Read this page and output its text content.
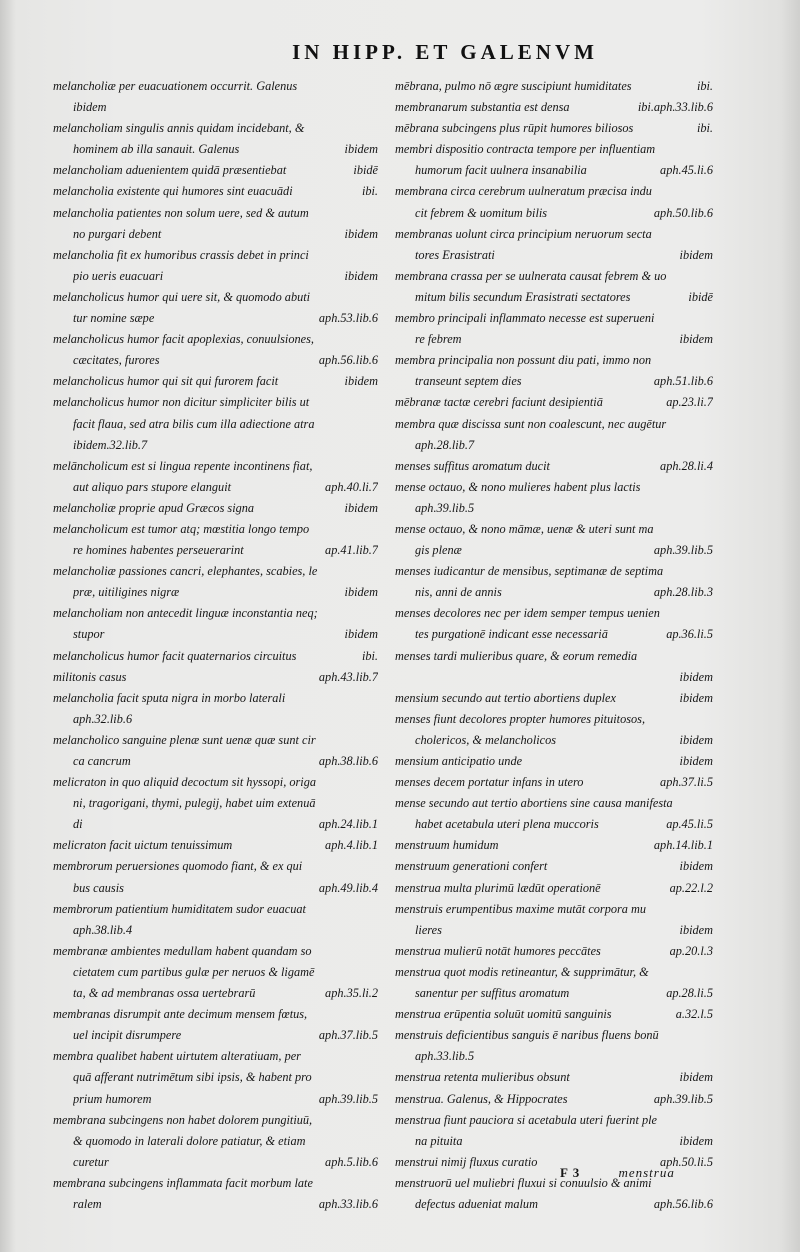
IN HIPP. ET GALENVM
melancholiæ per euacuationem occurrit. Galenus
ibidem
melancholiam singulis annis quidam incidebant, &
hominem ab illa sanauit. Galenus	ibidem
melancholiam aduenientem quidā præsentiebat	ibidē
melancholia existente qui humores sint euacuādi	ibi.
melancholia patientes non solum uere, sed & autum
no purgari debent	ibidem
melancholia fit ex humoribus crassis debet in princi
pio ueris euacuari	ibidem
melancholicus humor qui uere sit, & quomodo abuti
tur nomine sæpe	aph.53.lib.6
melancholicus humor facit apoplexias, conuulsiones,
cæcitates, furores	aph.56.lib.6
melancholicus humor qui sit qui furorem facit	ibidem
melancholicus humor non dicitur simpliciter bilis ut
facit flaua, sed atra bilis cum illa adiectione atra
ibidem.32.lib.7
melāncholicum est si lingua repente incontinens fiat,
aut aliquo pars stupore elanguit	aph.40.li.7
melancholiæ proprie apud Græcos signa	ibidem
melancholicum est tumor atq; mœstitia longo tempo
re homines habentes perseuerarint	ap.41.lib.7
melancholiæ passiones cancri, elephantes, scabies, le
præ, uitiligines nigræ	ibidem
melancholiam non antecedit linguæ inconstantia neq;
stupor	ibidem
melancholicus humor facit quaternarios circuitus	ibi.
militonis casus	aph.43.lib.7
melancholia facit sputa nigra in morbo laterali
aph.32.lib.6
melancholico sanguine plenæ sunt uenæ quæ sunt cir
ca cancrum	aph.38.lib.6
melicraton in quo aliquid decoctum sit hyssopi, origa
ni, tragorigani, thymi, pulegij, habet uim extenuā
di	aph.24.lib.1
melicraton facit uictum tenuissimum	aph.4.lib.1
membrorum peruersiones quomodo fiant, & ex qui
bus causis	aph.49.lib.4
membrorum patientium humiditatem sudor euacuat
aph.38.lib.4
membranæ ambientes medullam habent quandam so
cietatem cum partibus gulæ per neruos & ligamē
ta, & ad membranas ossa uertebrarū	aph.35.li.2
membranas disrumpit ante decimum mensem fœtus,
uel incipit disrumpere	aph.37.lib.5
membra qualibet habent uirtutem alteratiuam, per
quā afferant nutrimētum sibi ipsis, & habent pro
prium humorem	aph.39.lib.5
membrana subcingens non habet dolorem pungitiuū,
& quomodo in laterali dolore patiatur, & etiam
curetur	aph.5.lib.6
membrana subcingens inflammata facit morbum late
ralem	aph.33.lib.6
mēbrana, pulmo nō ægre suscipiunt humiditates	ibi.
membranarum substantia est densa	ibi.aph.33.lib.6
mēbrana subcingens plus rūpit humores biliosos	ibi.
membri dispositio contracta tempore per influentiam
humorum facit uulnera insanabilia	aph.45.li.6
membrana circa cerebrum uulneratum præcisa indu
cit febrem & uomitum bilis	aph.50.lib.6
membranas uolunt circa principium neruorum secta
tores Erasistrati	ibidem
membrana crassa per se uulnerata causat febrem & uo
mitum bilis secundum Erasistrati sectatores	ibidē
membro principali inflammato necesse est superueni
re febrem	ibidem
membra principalia non possunt diu pati, immo non
transeunt septem dies	aph.51.lib.6
mēbranæ tactæ cerebri faciunt desipientiā	ap.23.li.7
membra quæ discissa sunt non coalescunt, nec augētur
aph.28.lib.7
menses suffitus aromatum ducit	aph.28.li.4
mense octauo, & nono mulieres habent plus lactis
aph.39.lib.5
mense octauo, & nono māmæ, uenæ & uteri sunt ma
gis plenæ	aph.39.lib.5
menses iudicantur de mensibus, septimanæ de septima
nis, anni de annis	aph.28.lib.3
menses decolores nec per idem semper tempus uenien
tes purgationē indicant esse necessariā	ap.36.li.5
menses tardi mulieribus quare, & eorum remedia
ibidem
mensium secundo aut tertio abortiens duplex	ibidem
menses fiunt decolores propter humores pituitosos,
cholericos, & melancholicos	ibidem
mensium anticipatio unde	ibidem
menses decem portatur infans in utero	aph.37.li.5
mense secundo aut tertio abortiens sine causa manifesta
habet acetabula uteri plena muccoris	ap.45.li.5
menstruum humidum	aph.14.lib.1
menstruum generationi confert	ibidem
menstrua multa plurimū lædūt operationē	ap.22.l.2
menstruis erumpentibus maxime mutāt corpora mu
lieres	ibidem
menstrua mulierū notāt humores peccātes	ap.20.l.3
menstrua quot modis retineantur, & supprimātur, &
sanentur per suffitus aromatum	ap.28.li.5
menstrua erūpentia soluūt uomitū sanguinis	a.32.l.5
menstruis deficientibus sanguis ē naribus fluens bonū
aph.33.lib.5
menstrua retenta mulieribus obsunt	ibidem
menstrua. Galenus, & Hippocrates	aph.39.lib.5
menstrua fiunt pauciora si acetabula uteri fuerint ple
na pituita	ibidem
menstrui nimij fluxus curatio	aph.50.li.5
menstruorū uel muliebri fluxui si conuulsio & animi
defectus adueniat malum	aph.56.lib.6
F 3	menstrua
